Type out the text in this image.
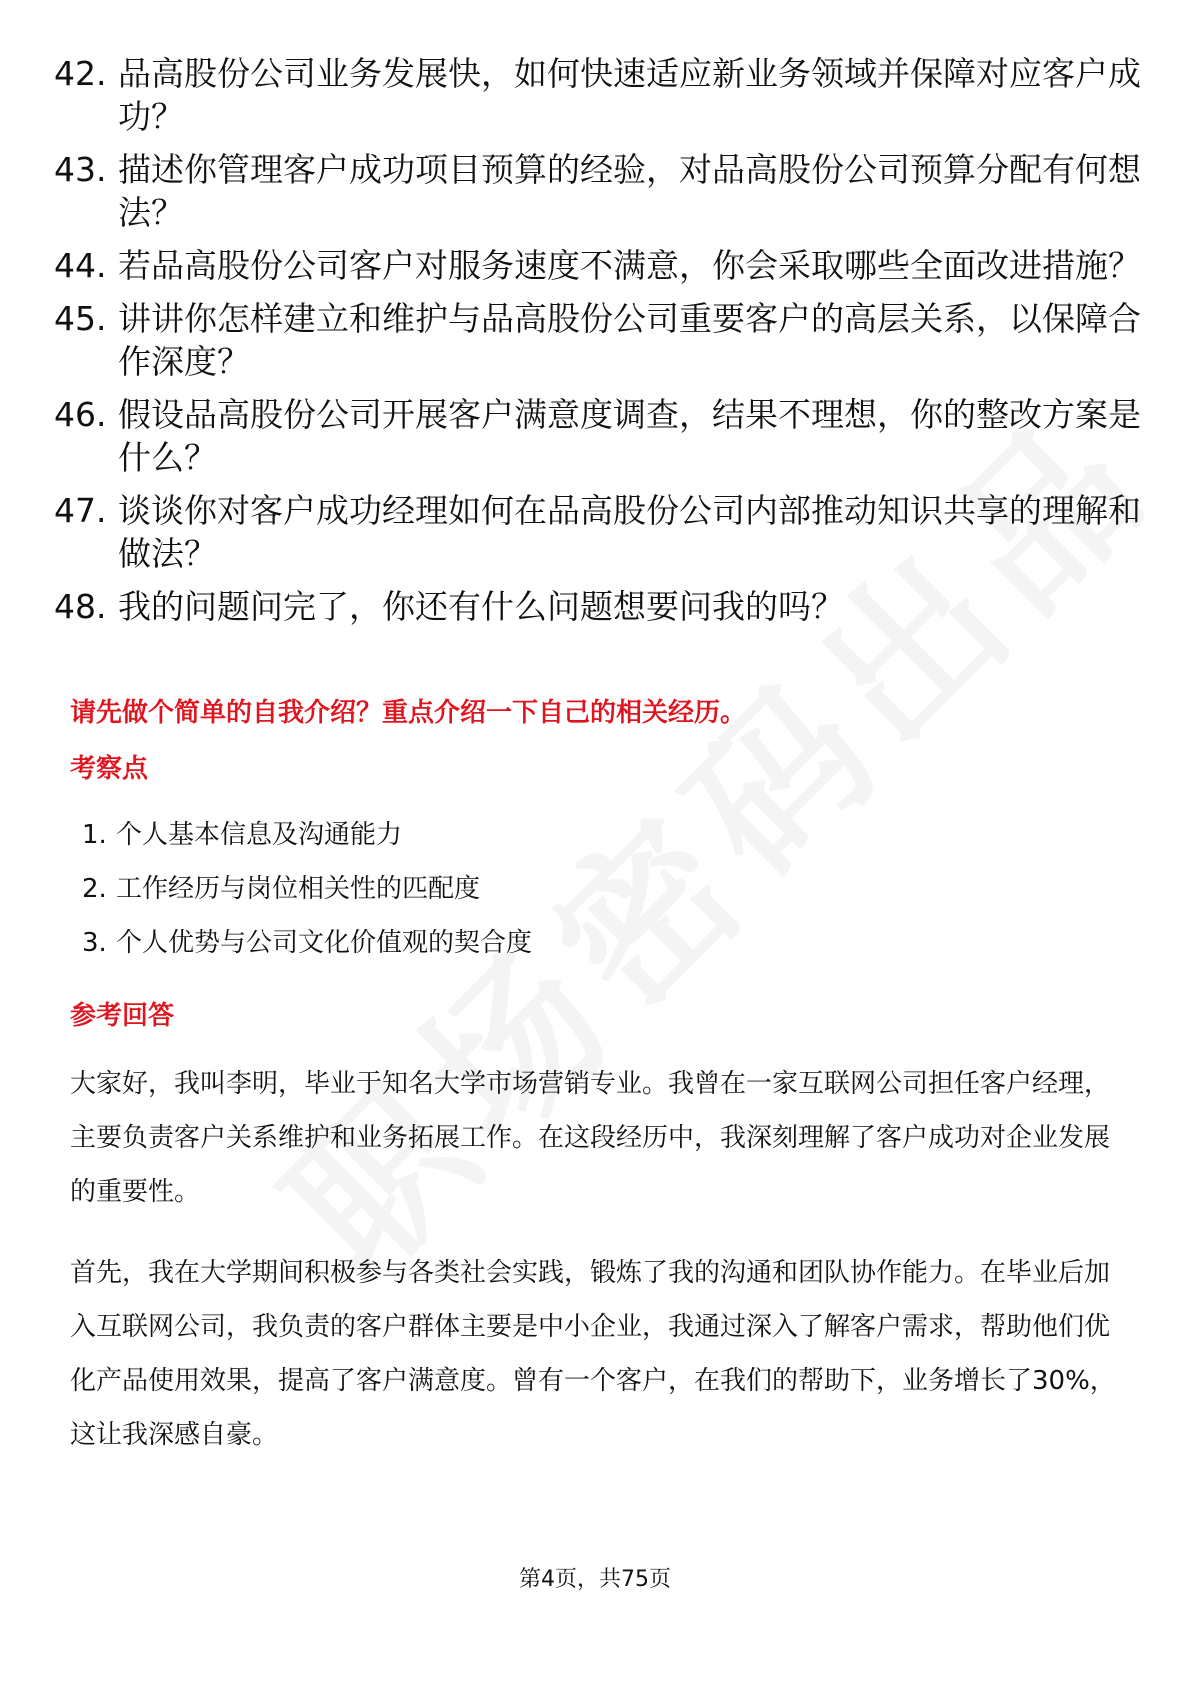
42. 品高股份公司业务发展快，如何快速适应新业务领域并保障对应客户成功？
43. 描述你管理客户成功项目预算的经验，对品高股份公司预算分配有何想法？
44. 若品高股份公司客户对服务速度不满意，你会采取哪些全面改进措施？
45. 讲讲你怎样建立和维护与品高股份公司重要客户的高层关系，以保障合作深度？
46. 假设品高股份公司开展客户满意度调查，结果不理想，你的整改方案是什么？
47. 谈谈你对客户成功经理如何在品高股份公司内部推动知识共享的理解和做法？
48. 我的问题问完了，你还有什么问题想要问我的吗？
请先做个简单的自我介绍？重点介绍一下自己的相关经历。
考察点
1. 个人基本信息及沟通能力
2. 工作经历与岗位相关性的匹配度
3. 个人优势与公司文化价值观的契合度
参考回答

大家好，我叫李明，毕业于知名大学市场营销专业。我曾在一家互联网公司担任客户经理，主要负责客户关系维护和业务拓展工作。在这段经历中，我深刻理解了客户成功对企业发展的重要性。

首先，我在大学期间积极参与各类社会实践，锻炼了我的沟通和团队协作能力。在毕业后加入互联网公司，我负责的客户群体主要是中小企业，我通过深入了解客户需求，帮助他们优化产品使用效果，提高了客户满意度。曾有一个客户，在我们的帮助下，业务增长了30%，这让我深感自豪。

第4页，共75页
